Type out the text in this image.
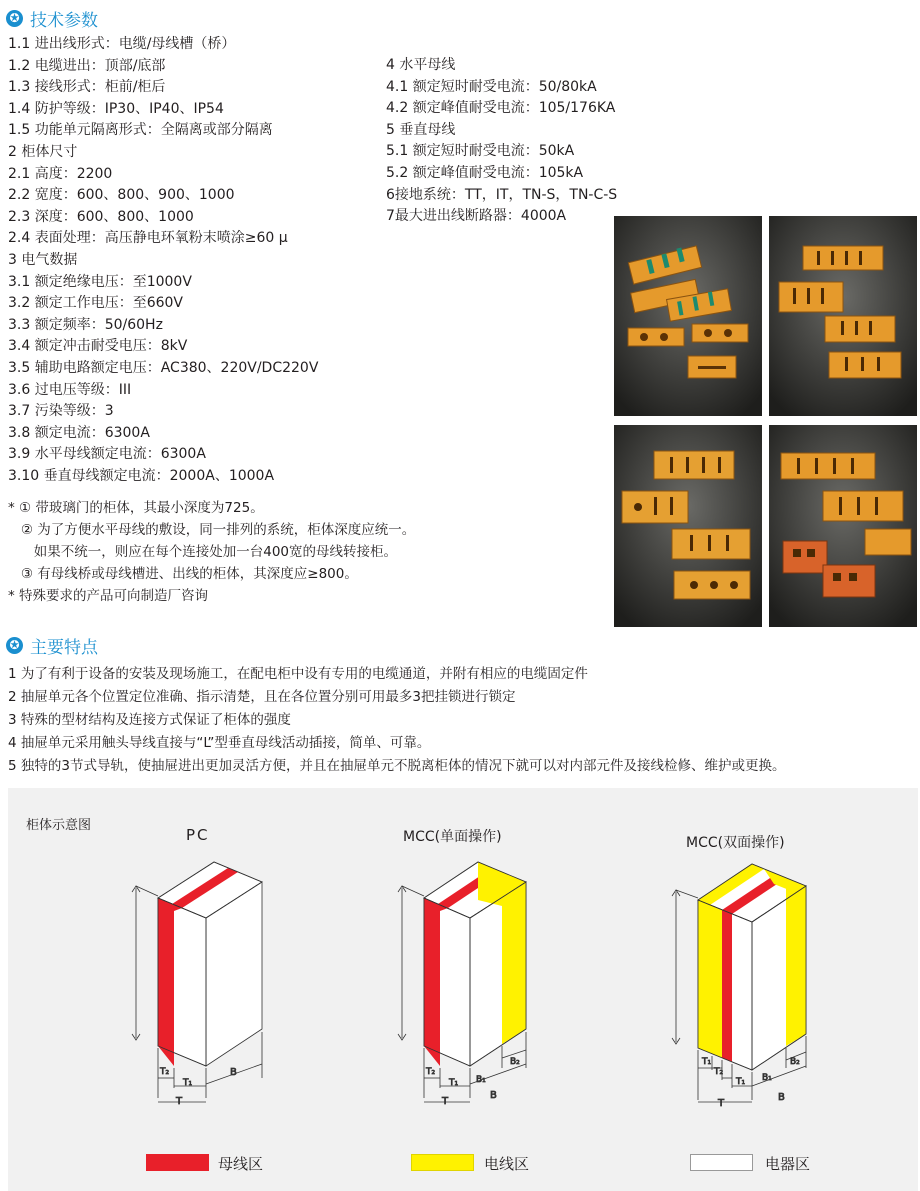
✪ 技术参数
1.1 进出线形式：电缆/母线槽（桥）
1.2 电缆进出：顶部/底部
1.3 接线形式：柜前/柜后
1.4 防护等级：IP30、IP40、IP54
1.5 功能单元隔离形式：全隔离或部分隔离
2 柜体尺寸
2.1 高度：2200
2.2 宽度：600、800、900、1000
2.3 深度：600、800、1000
2.4 表面处理：高压静电环氧粉末喷涂≥60 μ
3 电气数据
3.1 额定绝缘电压：至1000V
3.2 额定工作电压：至660V
3.3 额定频率：50/60Hz
3.4 额定冲击耐受电压：8kV
3.5 辅助电路额定电压：AC380、220V/DC220V
3.6 过电压等级：III
3.7 污染等级：3
3.8 额定电流：6300A
3.9 水平母线额定电流：6300A
3.10 垂直母线额定电流：2000A、1000A
4 水平母线
4.1 额定短时耐受电流：50/80kA
4.2 额定峰值耐受电流：105/176KA
5 垂直母线
5.1 额定短时耐受电流：50kA
5.2 额定峰值耐受电流：105kA
6接地系统：TT，IT，TN-S，TN-C-S
7最大进出线断路器：4000A
* ① 带玻璃门的柜体，其最小深度为725。
② 为了方便水平母线的敷设，同一排列的系统，柜体深度应统一。
如果不统一，则应在每个连接处加一台400宽的母线转接柜。
③ 有母线桥或母线槽进、出线的柜体，其深度应≥800。
* 特殊要求的产品可向制造厂咨询
✪ 主要特点
1 为了有利于设备的安装及现场施工，在配电柜中设有专用的电缆通道，并附有相应的电缆固定件
2 抽屉单元各个位置定位准确、指示清楚，且在各位置分别可用最多3把挂锁进行锁定
3 特殊的型材结构及连接方式保证了柜体的强度
4 抽屉单元采用触头导线直接与“L”型垂直母线活动插接，简单、可靠。
5 独特的3节式导轨，使抽屉进出更加灵活方便，并且在抽屉单元不脱离柜体的情况下就可以对内部元件及接线检修、维护或更换。
柜体示意图
PC	MCC(单面操作)	MCC(双面操作)
T₂
T₁
T
B	T₂
T₁
T
B₁
B₂
B
T₁
T₂
T₁
T
B₁
B₂
B
母线区	电线区	电器区
